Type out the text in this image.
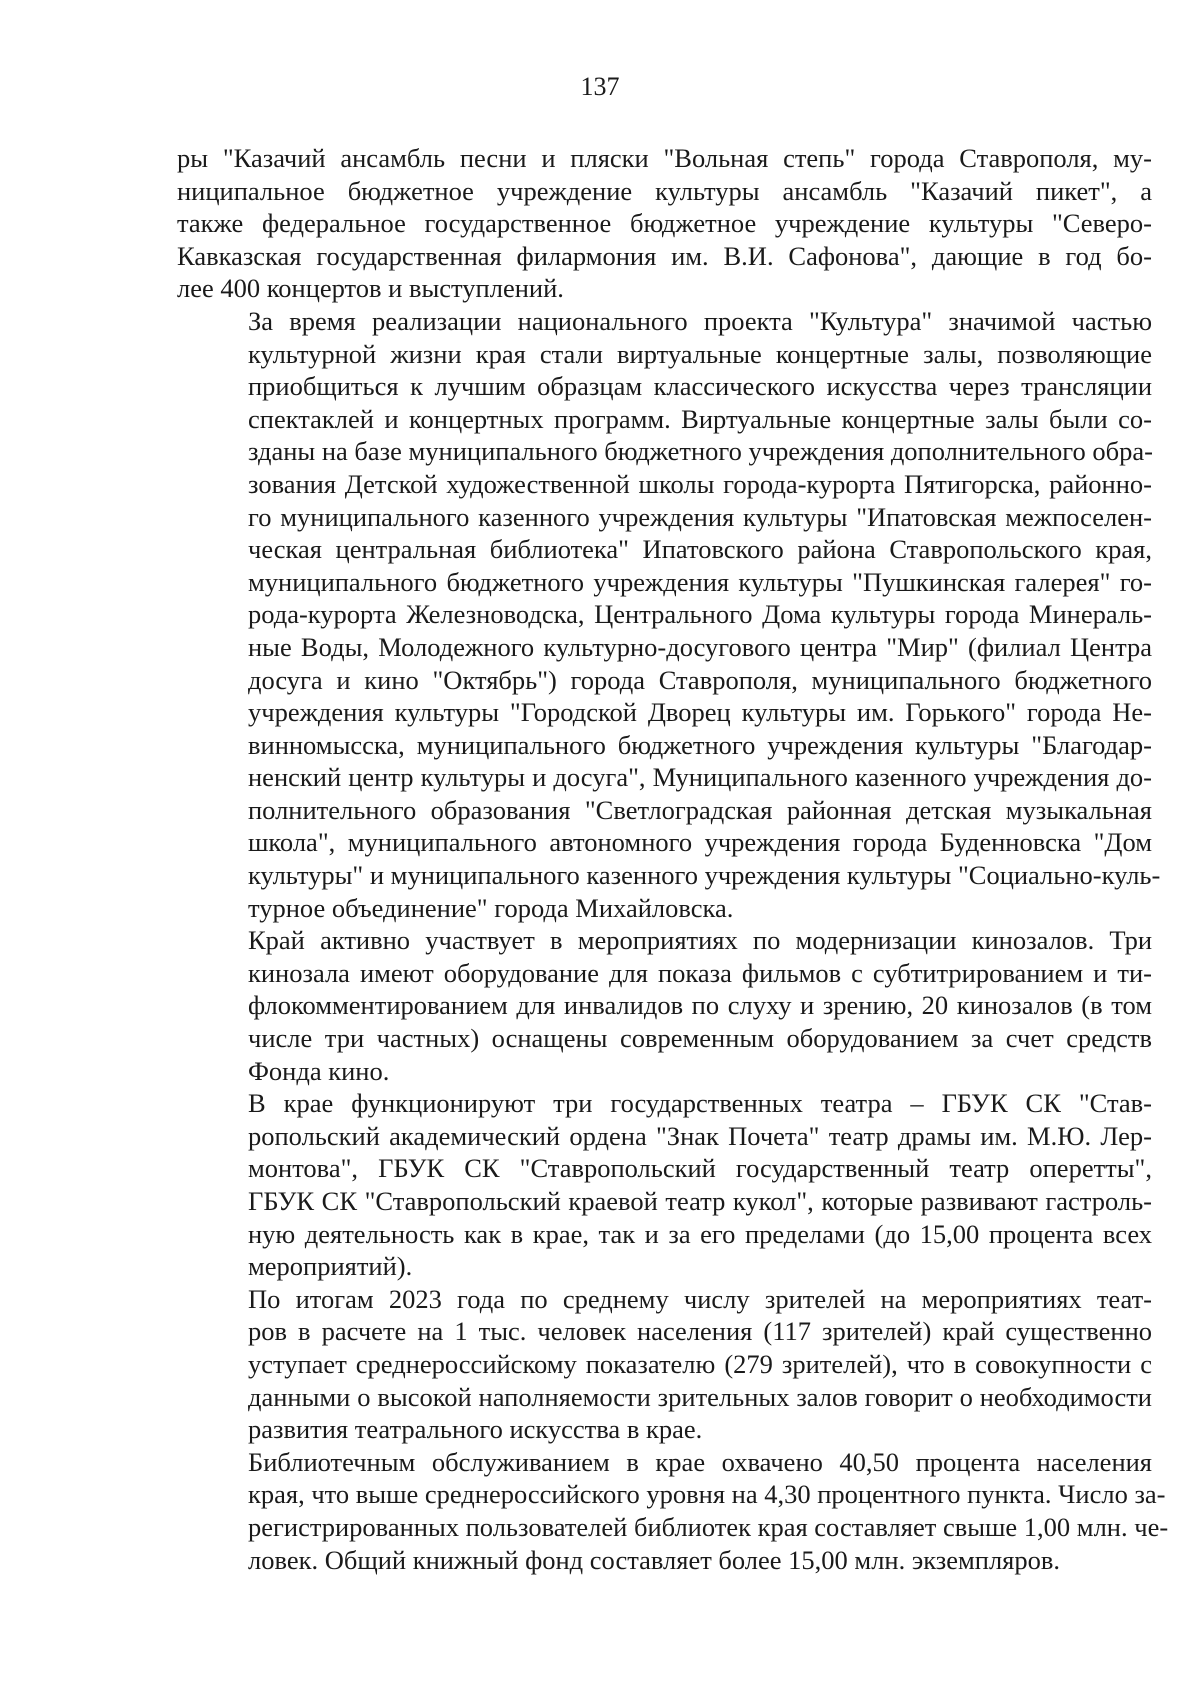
137

ры "Казачий ансамбль песни и пляски "Вольная степь" города Ставрополя, му-
ниципальное бюджетное учреждение культуры ансамбль "Казачий пикет", а
также федеральное государственное бюджетное учреждение культуры "Северо-
Кавказская государственная филармония им. В.И. Сафонова", дающие в год бо-
лее 400 концертов и выступлений.

За время реализации национального проекта "Культура" значимой частью
культурной жизни края стали виртуальные концертные залы, позволяющие
приобщиться к лучшим образцам классического искусства через трансляции
спектаклей и концертных программ. Виртуальные концертные залы были со-
зданы на базе муниципального бюджетного учреждения дополнительного обра-
зования Детской художественной школы города-курорта Пятигорска, районно-
го муниципального казенного учреждения культуры "Ипатовская межпоселен-
ческая центральная библиотека" Ипатовского района Ставропольского края,
муниципального бюджетного учреждения культуры "Пушкинская галерея" го-
рода-курорта Железноводска, Центрального Дома культуры города Минераль-
ные Воды, Молодежного культурно-досугового центра "Мир" (филиал Центра
досуга и кино "Октябрь") города Ставрополя, муниципального бюджетного
учреждения культуры "Городской Дворец культуры им. Горького" города Не-
винномысска, муниципального бюджетного учреждения культуры "Благодар-
ненский центр культуры и досуга", Муниципального казенного учреждения до-
полнительного образования "Светлоградская районная детская музыкальная
школа", муниципального автономного учреждения города Буденновска "Дом
культуры" и муниципального казенного учреждения культуры "Социально-куль-
турное объединение" города Михайловска.

Край активно участвует в мероприятиях по модернизации кинозалов. Три
кинозала имеют оборудование для показа фильмов с субтитрированием и ти-
флокомментированием для инвалидов по слуху и зрению, 20 кинозалов (в том
числе три частных) оснащены современным оборудованием за счет средств
Фонда кино.

В крае функционируют три государственных театра – ГБУК СК "Став-
ропольский академический ордена "Знак Почета" театр драмы им. М.Ю. Лер-
монтова", ГБУК СК "Ставропольский государственный театр оперетты",
ГБУК СК "Ставропольский краевой театр кукол", которые развивают гастроль-
ную деятельность как в крае, так и за его пределами (до 15,00 процента всех
мероприятий).

По итогам 2023 года по среднему числу зрителей на мероприятиях теат-
ров в расчете на 1 тыс. человек населения (117 зрителей) край существенно
уступает среднероссийскому показателю (279 зрителей), что в совокупности с
данными о высокой наполняемости зрительных залов говорит о необходимости
развития театрального искусства в крае.

Библиотечным обслуживанием в крае охвачено 40,50 процента населения
края, что выше среднероссийского уровня на 4,30 процентного пункта. Число за-
регистрированных пользователей библиотек края составляет свыше 1,00 млн. че-
ловек. Общий книжный фонд составляет более 15,00 млн. экземпляров.
